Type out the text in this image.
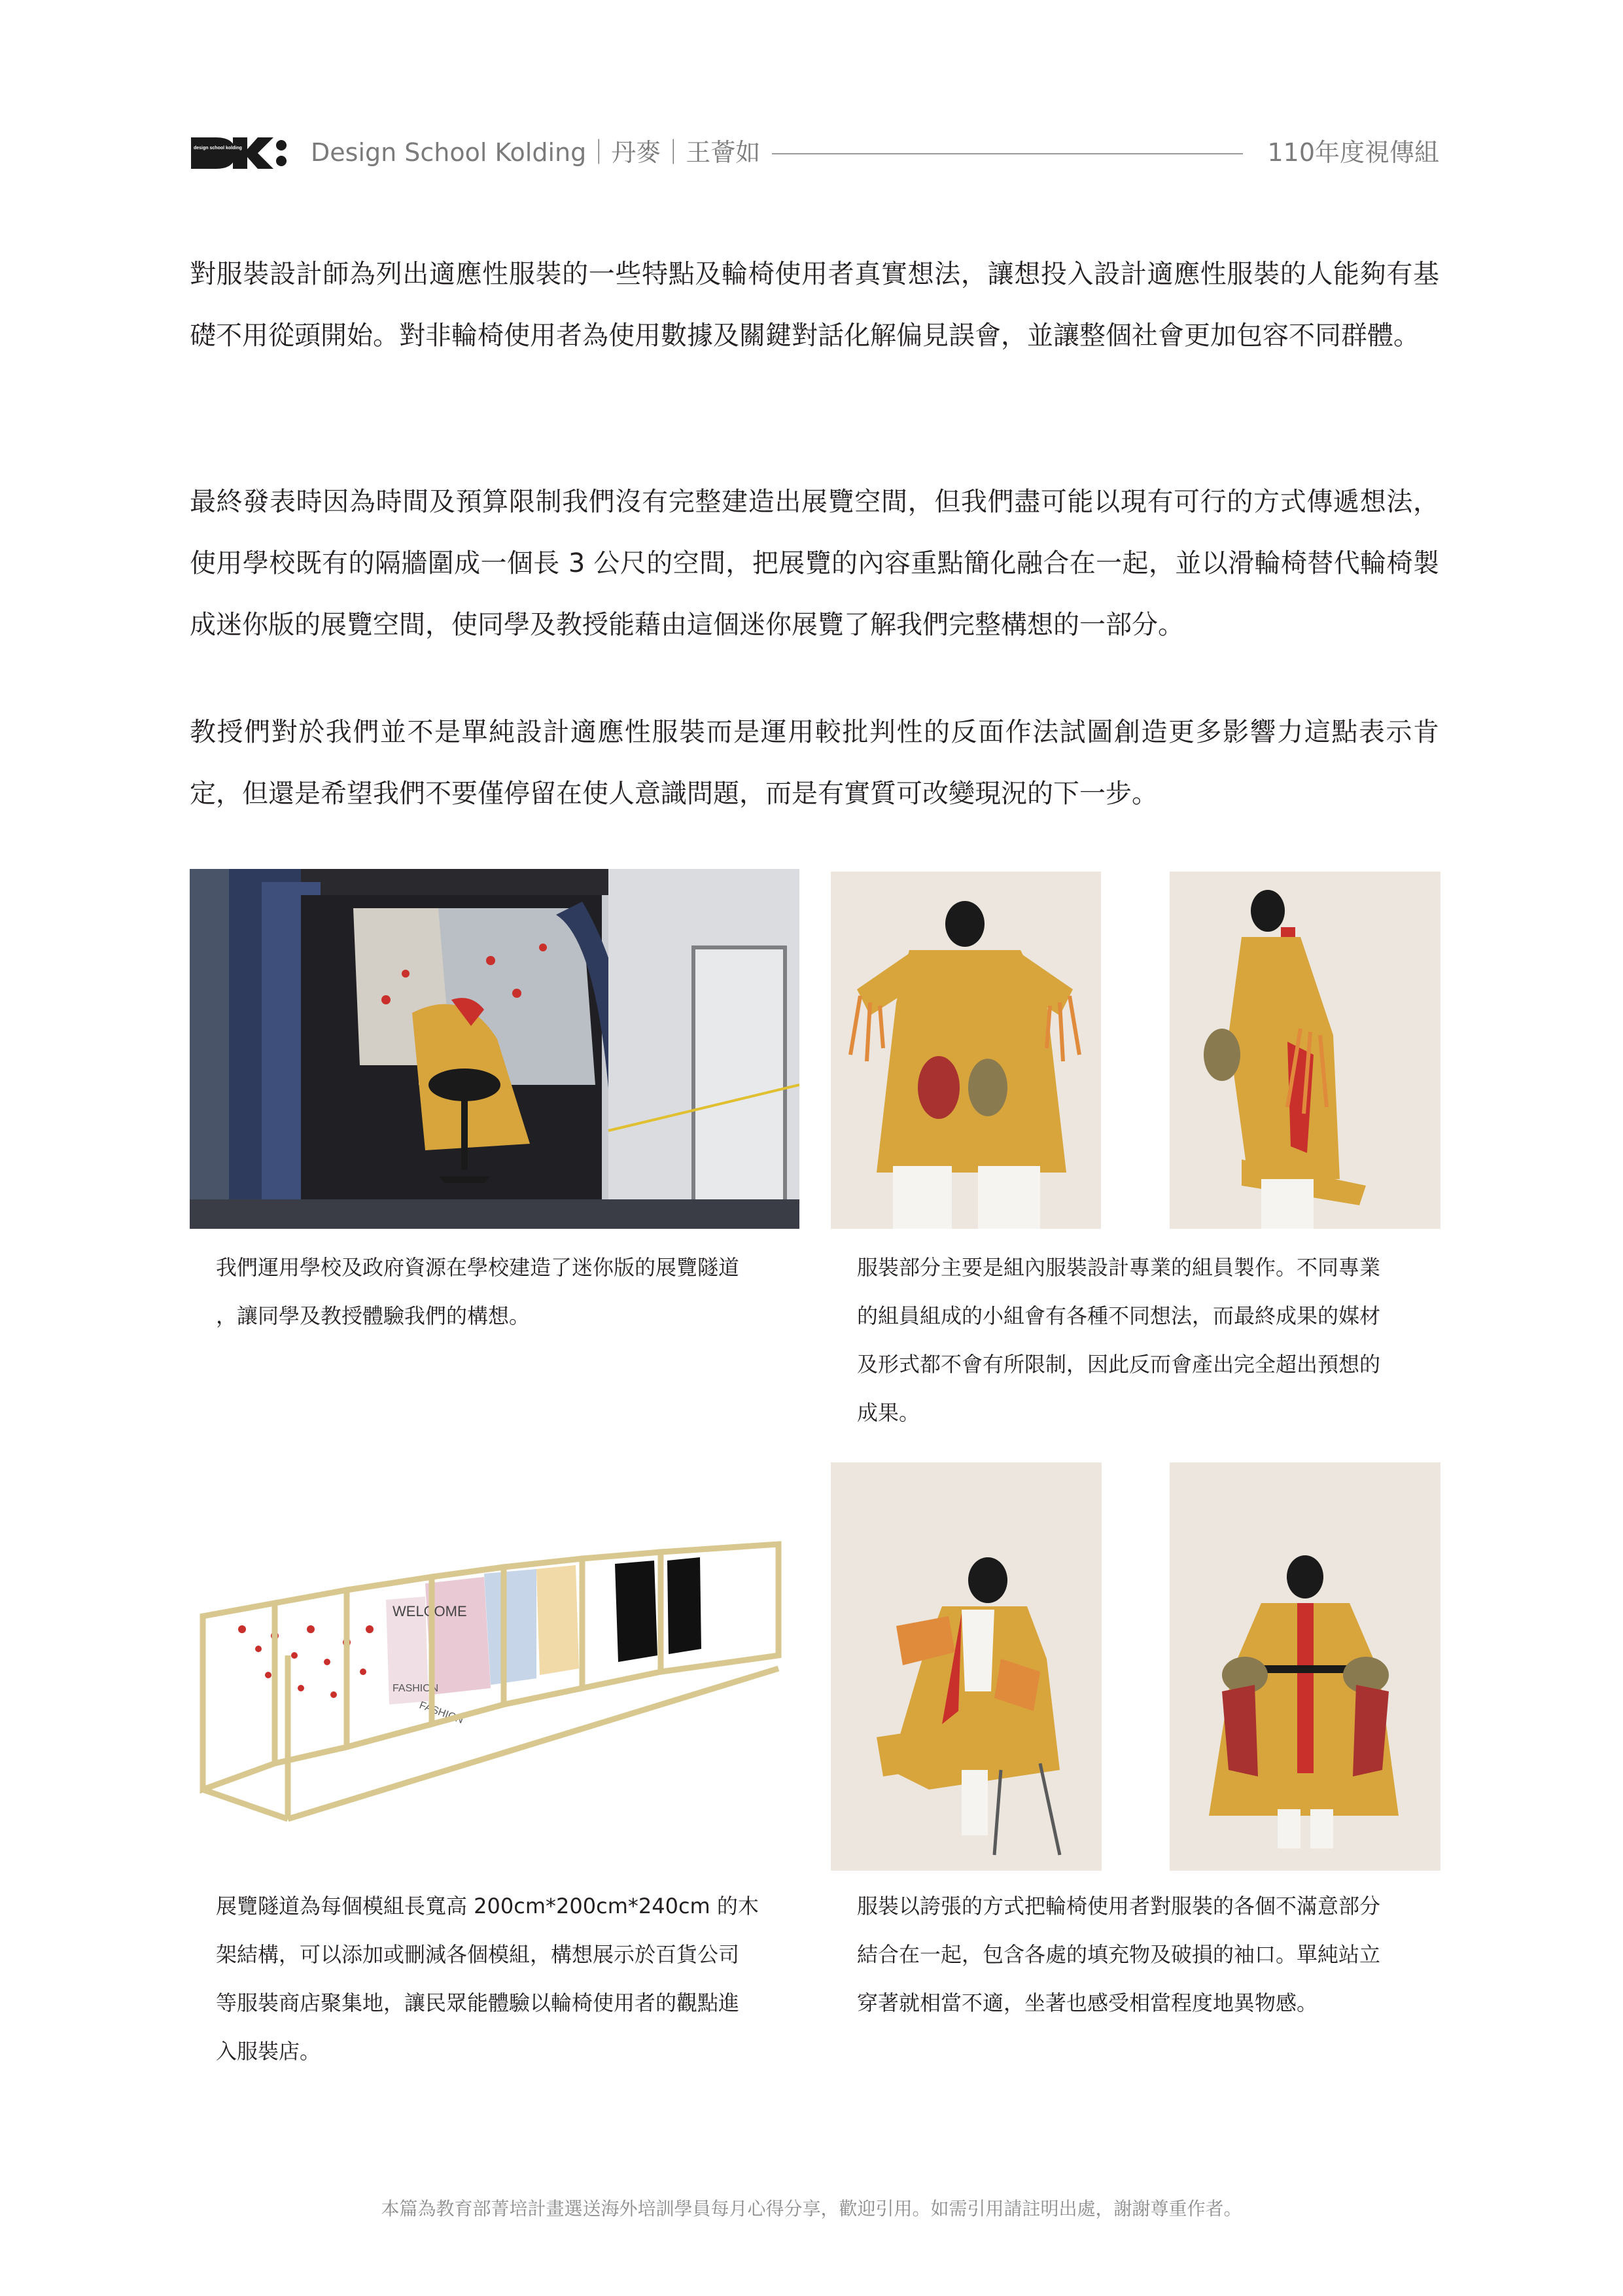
design school kolding	Design School Kolding｜丹麥｜王薈如	110年度視傳組
對服裝設計師為列出適應性服裝的一些特點及輪椅使用者真實想法，讓想投入設計適應性服裝的人能夠有基礎不用從頭開始。對非輪椅使用者為使用數據及關鍵對話化解偏見誤會，並讓整個社會更加包容不同群體。
最終發表時因為時間及預算限制我們沒有完整建造出展覽空間，但我們盡可能以現有可行的方式傳遞想法，使用學校既有的隔牆圍成一個長 3 公尺的空間，把展覽的內容重點簡化融合在一起，並以滑輪椅替代輪椅製成迷你版的展覽空間，使同學及教授能藉由這個迷你展覽了解我們完整構想的一部分。
教授們對於我們並不是單純設計適應性服裝而是運用較批判性的反面作法試圖創造更多影響力這點表示肯定，但還是希望我們不要僅停留在使人意識問題，而是有實質可改變現況的下一步。
我們運用學校及政府資源在學校建造了迷你版的展覽隧道
，讓同學及教授體驗我們的構想。
服裝部分主要是組內服裝設計專業的組員製作。不同專業
的組員組成的小組會有各種不同想法，而最終成果的媒材
及形式都不會有所限制，因此反而會產出完全超出預想的
成果。
WELCOME
FASHION
FASHION
展覽隧道為每個模組長寬高 200cm*200cm*240cm 的木
架結構，可以添加或刪減各個模組，構想展示於百貨公司
等服裝商店聚集地，讓民眾能體驗以輪椅使用者的觀點進
入服裝店。
服裝以誇張的方式把輪椅使用者對服裝的各個不滿意部分
結合在一起，包含各處的填充物及破損的袖口。單純站立
穿著就相當不適，坐著也感受相當程度地異物感。
本篇為教育部菁培計畫選送海外培訓學員每月心得分享，歡迎引用。如需引用請註明出處，謝謝尊重作者。
